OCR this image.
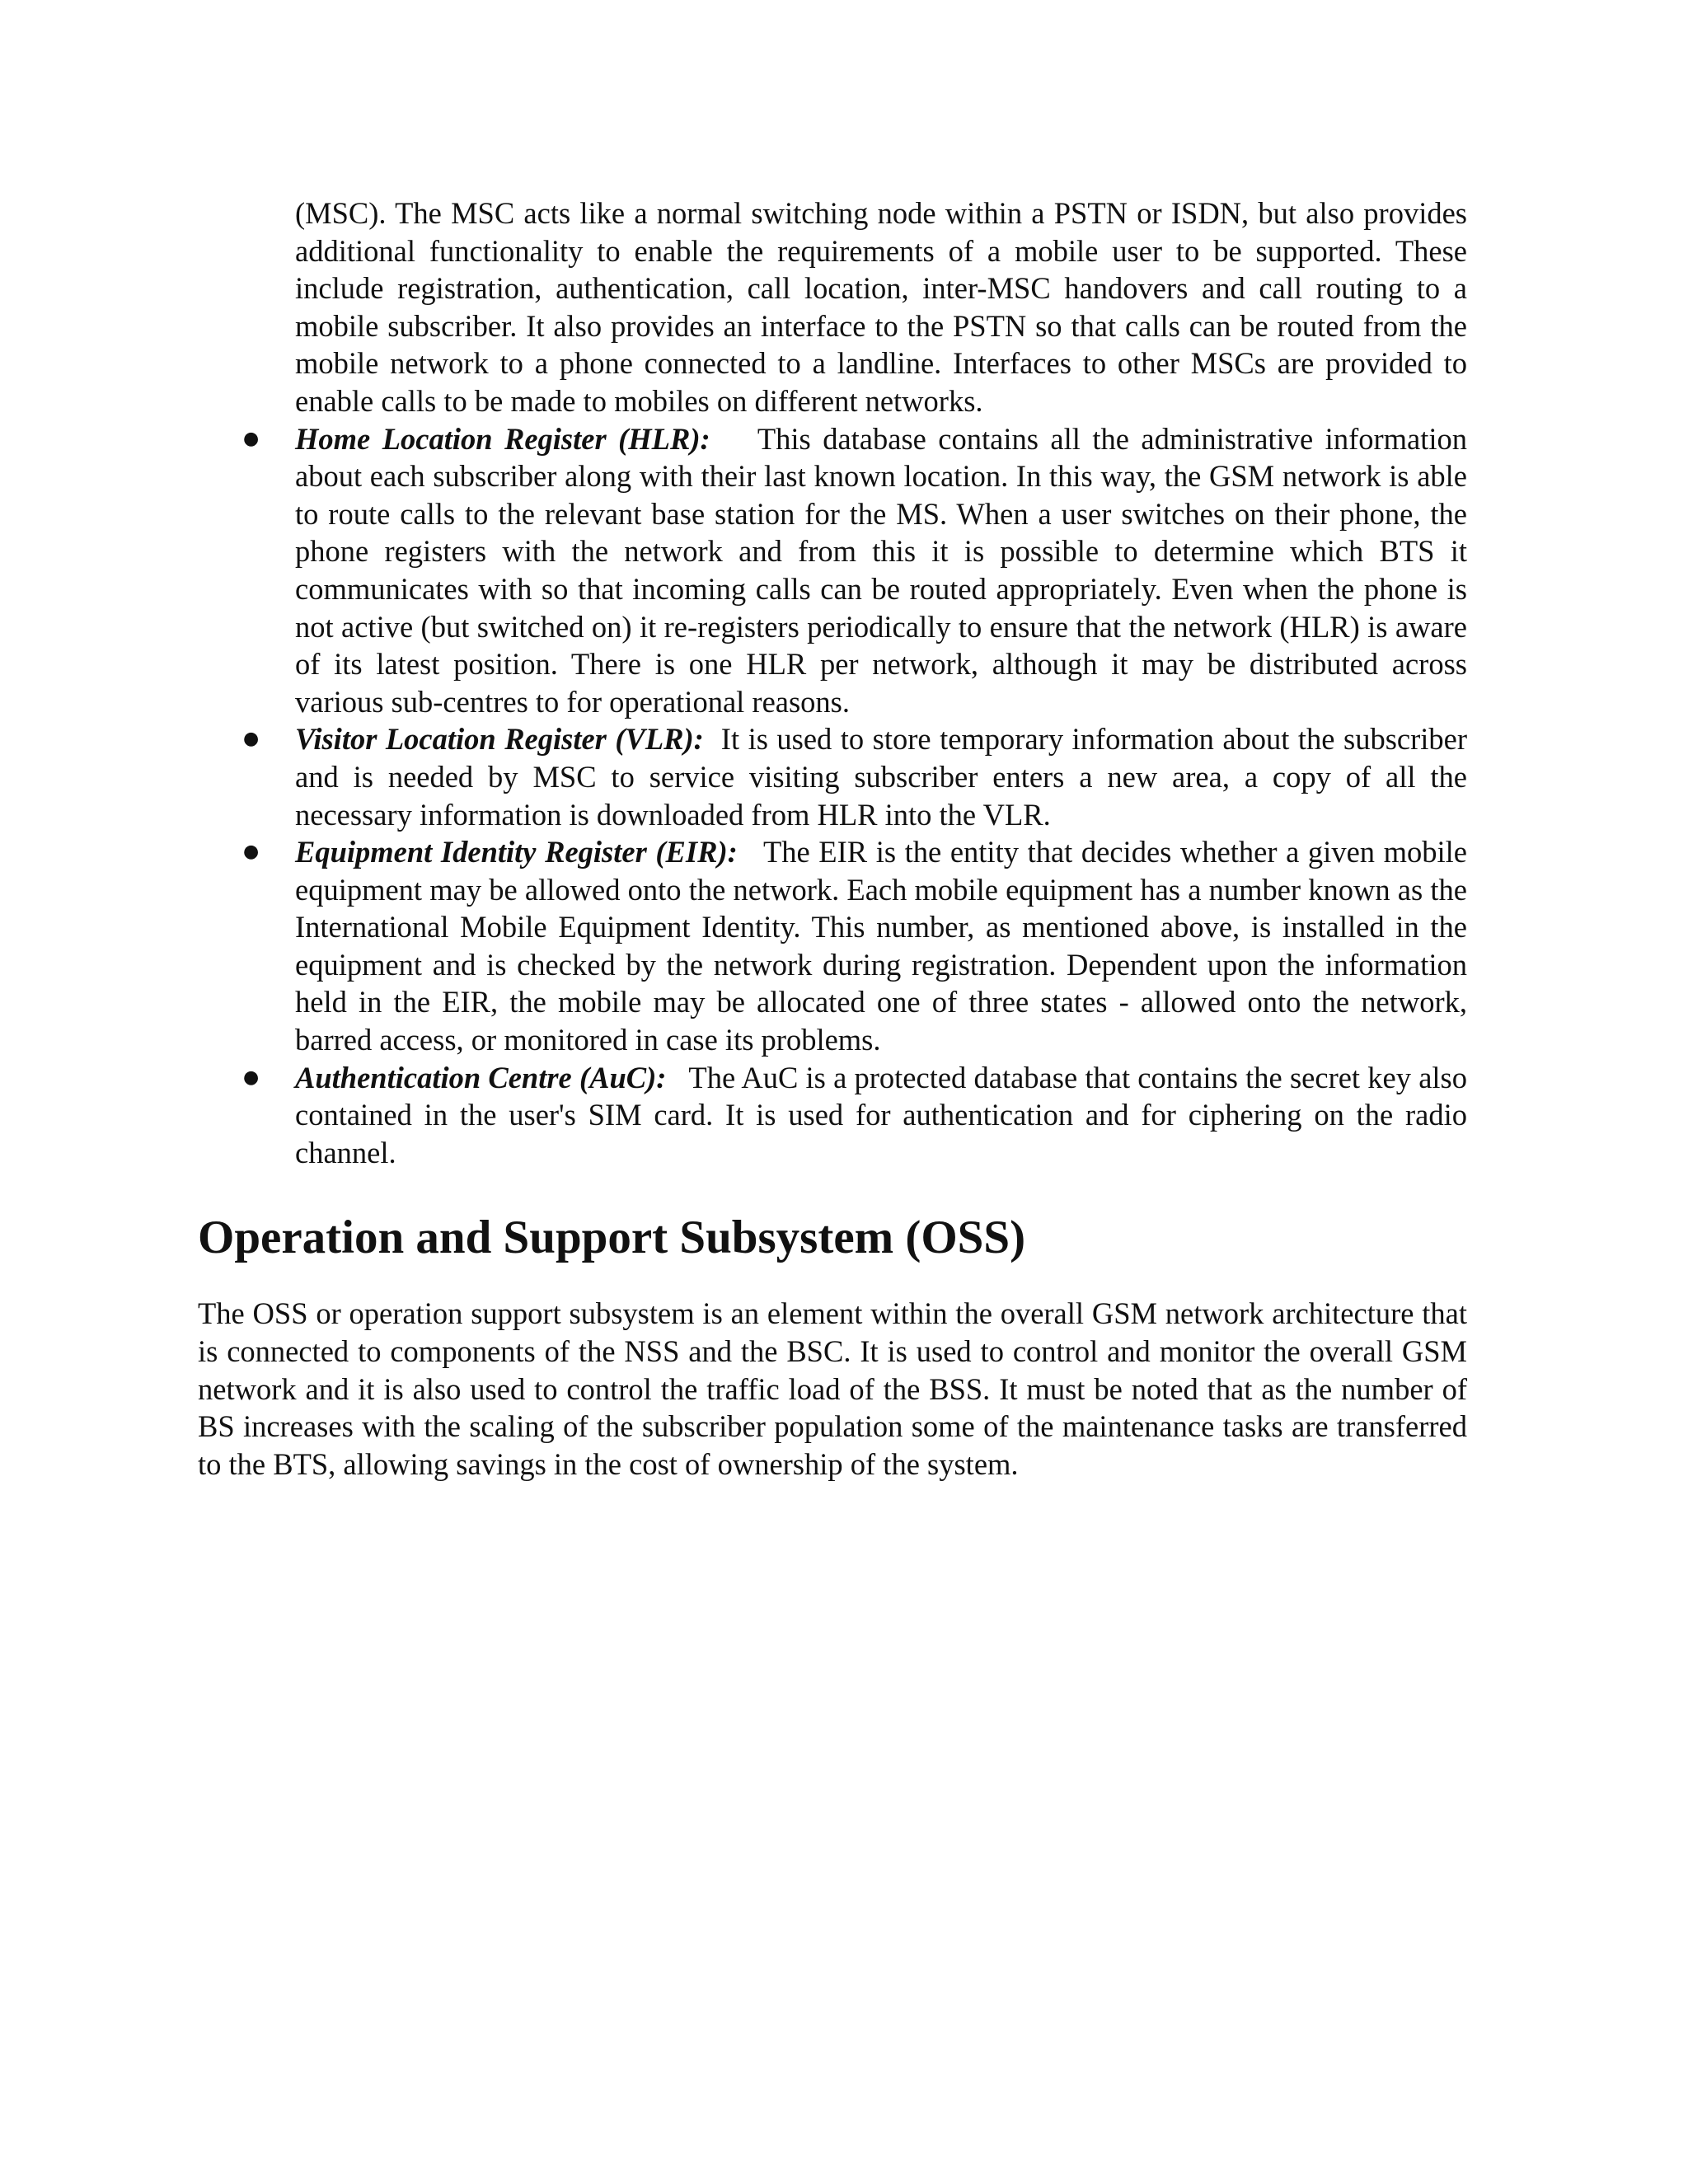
(MSC). The MSC acts like a normal switching node within a PSTN or ISDN, but also provides additional functionality to enable the requirements of a mobile user to be supported. These include registration, authentication, call location, inter-MSC handovers and call routing to a mobile subscriber. It also provides an interface to the PSTN so that calls can be routed from the mobile network to a phone connected to a landline. Interfaces to other MSCs are provided to enable calls to be made to mobiles on different networks.

● Home Location Register (HLR): This database contains all the administrative information about each subscriber along with their last known location. In this way, the GSM network is able to route calls to the relevant base station for the MS. When a user switches on their phone, the phone registers with the network and from this it is possible to determine which BTS it communicates with so that incoming calls can be routed appropriately. Even when the phone is not active (but switched on) it re-registers periodically to ensure that the network (HLR) is aware of its latest position. There is one HLR per network, although it may be distributed across various sub-centres to for operational reasons.
● Visitor Location Register (VLR): It is used to store temporary information about the subscriber and is needed by MSC to service visiting subscriber enters a new area, a copy of all the necessary information is downloaded from HLR into the VLR.
● Equipment Identity Register (EIR): The EIR is the entity that decides whether a given mobile equipment may be allowed onto the network. Each mobile equipment has a number known as the International Mobile Equipment Identity. This number, as mentioned above, is installed in the equipment and is checked by the network during registration. Dependent upon the information held in the EIR, the mobile may be allocated one of three states - allowed onto the network, barred access, or monitored in case its problems.
● Authentication Centre (AuC): The AuC is a protected database that contains the secret key also contained in the user's SIM card. It is used for authentication and for ciphering on the radio channel.
Operation and Support Subsystem (OSS)

The OSS or operation support subsystem is an element within the overall GSM network architecture that is connected to components of the NSS and the BSC. It is used to control and monitor the overall GSM network and it is also used to control the traffic load of the BSS. It must be noted that as the number of BS increases with the scaling of the subscriber population some of the maintenance tasks are transferred to the BTS, allowing savings in the cost of ownership of the system.
